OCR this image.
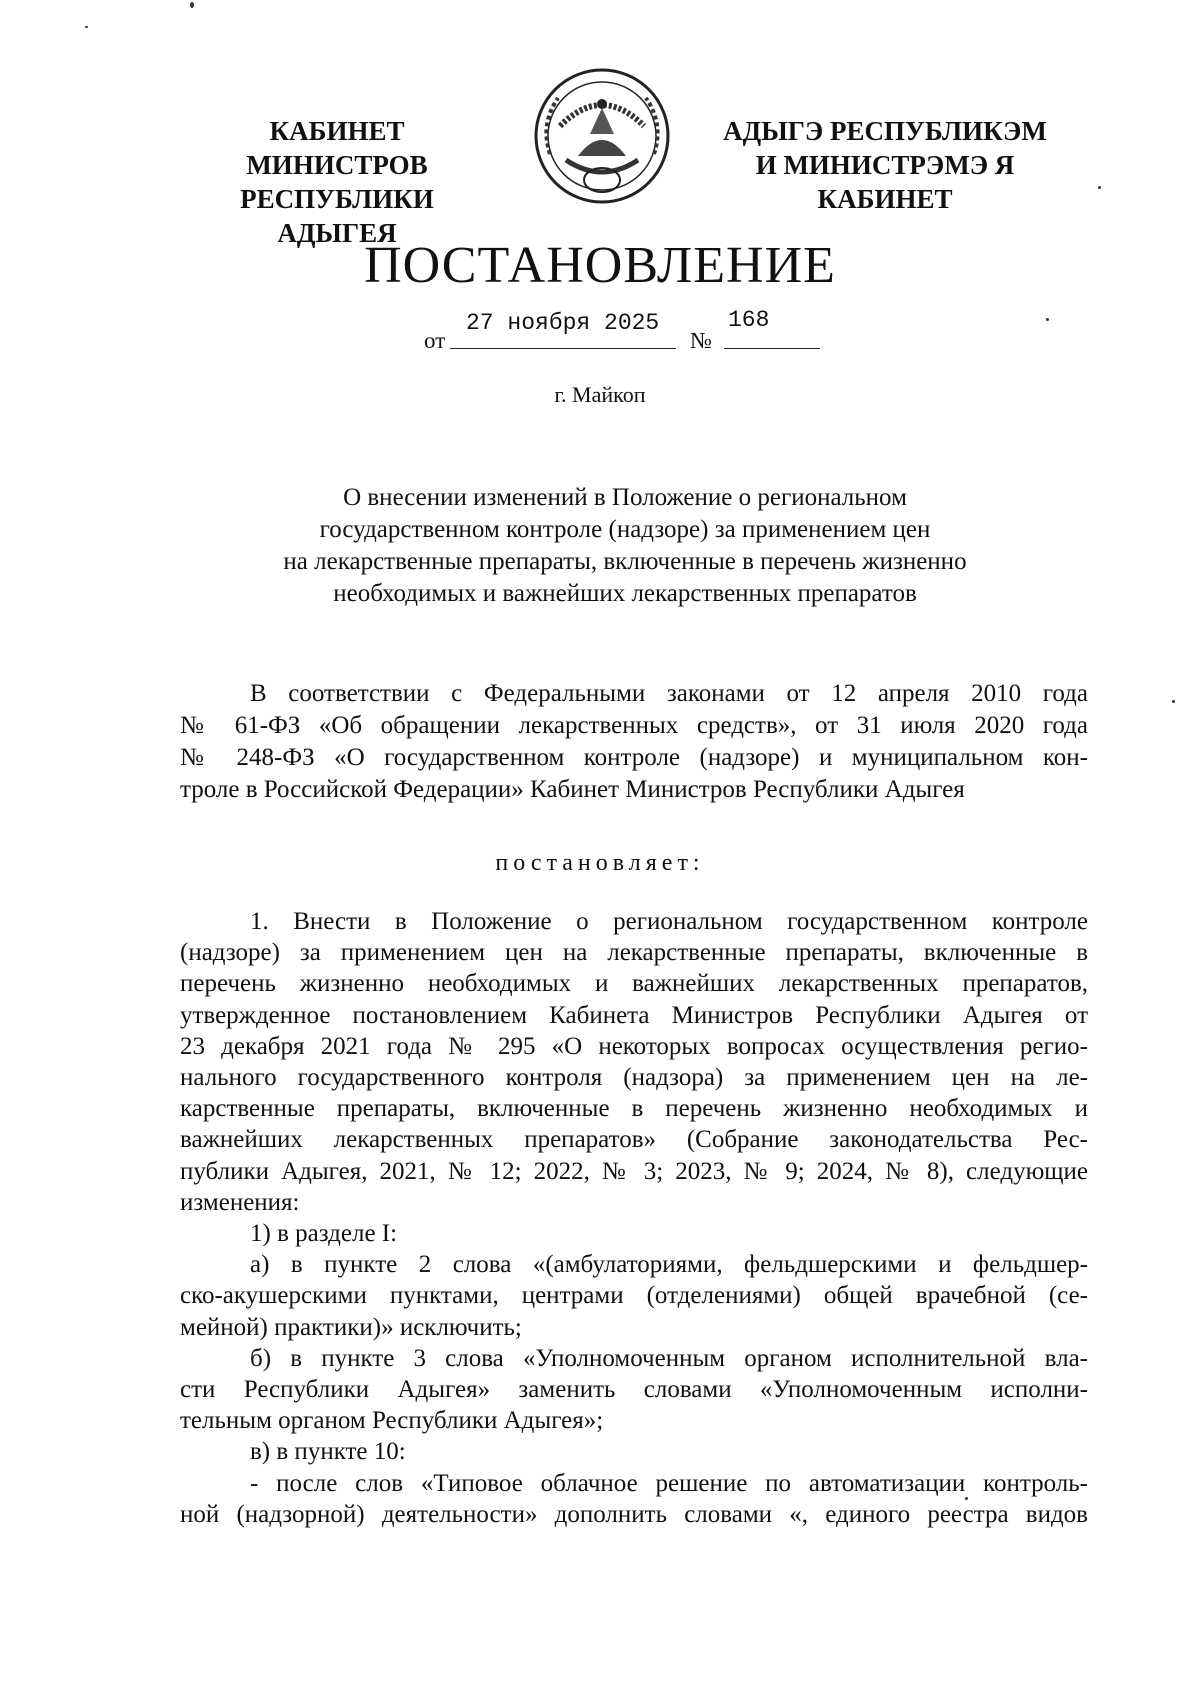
КАБИНЕТ МИНИСТРОВ
РЕСПУБЛИКИ АДЫГЕЯ
АДЫГЭ РЕСПУБЛИКЭМ
И МИНИСТРЭМЭ Я КАБИНЕТ
ПОСТАНОВЛЕНИЕ
от
27 ноября 2025
№
168
г. Майкоп
О внесении изменений в Положение о региональном
государственном контроле (надзоре) за применением цен
на лекарственные препараты, включенные в перечень жизненно
необходимых и важнейших лекарственных препаратов
В соответствии с Федеральными законами от 12 апреля 2010 года
№ 61-ФЗ «Об обращении лекарственных средств», от 31 июля 2020 года
№ 248-ФЗ «О государственном контроле (надзоре) и муниципальном кон-
троле в Российской Федерации» Кабинет Министров Республики Адыгея
постановляет:
1. Внести в Положение о региональном государственном контроле
(надзоре) за применением цен на лекарственные препараты, включенные в
перечень жизненно необходимых и важнейших лекарственных препаратов,
утвержденное постановлением Кабинета Министров Республики Адыгея от
23 декабря 2021 года № 295 «О некоторых вопросах осуществления регио-
нального государственного контроля (надзора) за применением цен на ле-
карственные препараты, включенные в перечень жизненно необходимых и
важнейших лекарственных препаратов» (Собрание законодательства Рес-
публики Адыгея, 2021, № 12; 2022, № 3; 2023, № 9; 2024, № 8), следующие
изменения:
1) в разделе I:
а) в пункте 2 слова «(амбулаториями, фельдшерскими и фельдшер-
ско-акушерскими пунктами, центрами (отделениями) общей врачебной (се-
мейной) практики)» исключить;
б) в пункте 3 слова «Уполномоченным органом исполнительной вла-
сти Республики Адыгея» заменить словами «Уполномоченным исполни-
тельным органом Республики Адыгея»;
в) в пункте 10:
- после слов «Типовое облачное решение по автоматизации контроль-
ной (надзорной) деятельности» дополнить словами «, единого реестра видов
